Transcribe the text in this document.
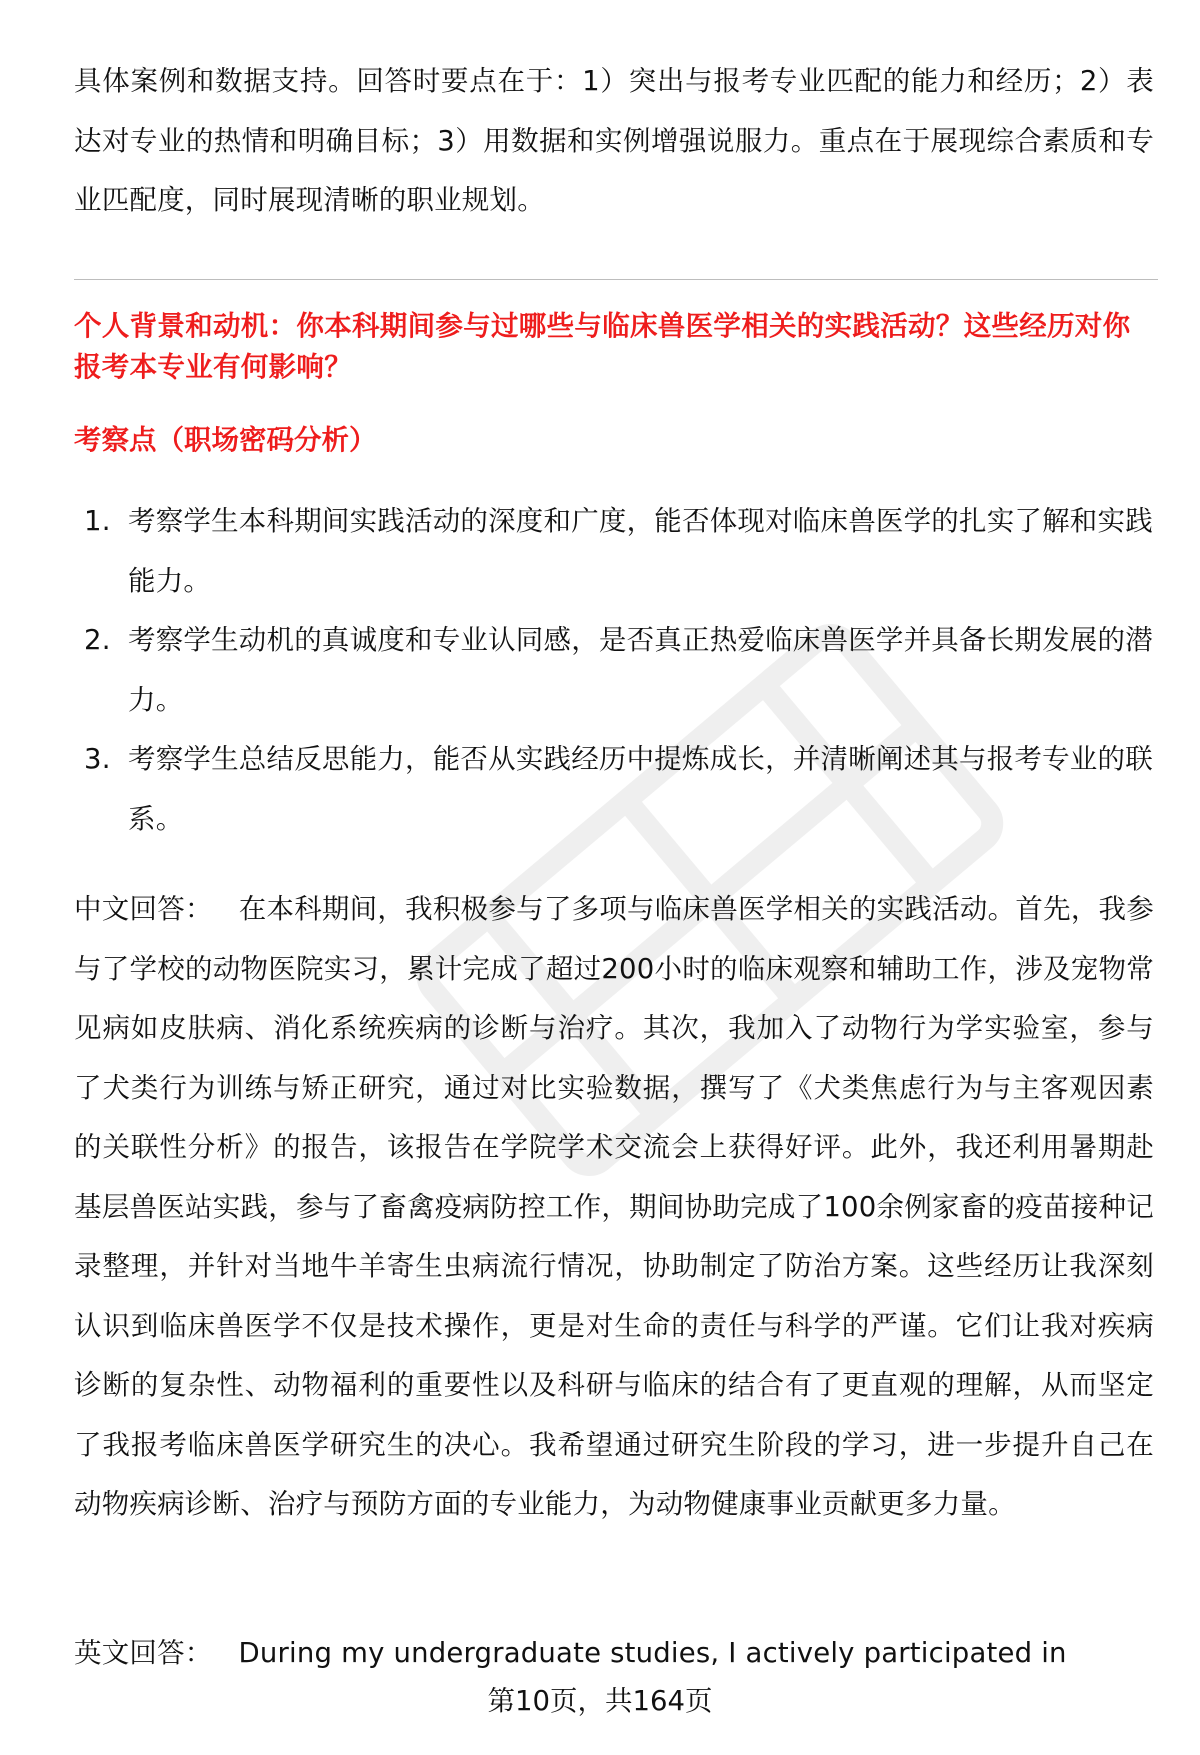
具体案例和数据支持。回答时要点在于：1）突出与报考专业匹配的能力和经历；2）表达对专业的热情和明确目标；3）用数据和实例增强说服力。重点在于展现综合素质和专业匹配度，同时展现清晰的职业规划。

个人背景和动机：你本科期间参与过哪些与临床兽医学相关的实践活动？这些经历对你报考本专业有何影响？

考察点（职场密码分析）

1. 考察学生本科期间实践活动的深度和广度，能否体现对临床兽医学的扎实了解和实践能力。
2. 考察学生动机的真诚度和专业认同感，是否真正热爱临床兽医学并具备长期发展的潜力。
3. 考察学生总结反思能力，能否从实践经历中提炼成长，并清晰阐述其与报考专业的联系。

中文回答： 在本科期间，我积极参与了多项与临床兽医学相关的实践活动。首先，我参与了学校的动物医院实习，累计完成了超过200小时的临床观察和辅助工作，涉及宠物常见病如皮肤病、消化系统疾病的诊断与治疗。其次，我加入了动物行为学实验室，参与了犬类行为训练与矫正研究，通过对比实验数据，撰写了《犬类焦虑行为与主客观因素的关联性分析》的报告，该报告在学院学术交流会上获得好评。此外，我还利用暑期赴基层兽医站实践，参与了畜禽疫病防控工作，期间协助完成了100余例家畜的疫苗接种记录整理，并针对当地牛羊寄生虫病流行情况，协助制定了防治方案。这些经历让我深刻认识到临床兽医学不仅是技术操作，更是对生命的责任与科学的严谨。它们让我对疾病诊断的复杂性、动物福利的重要性以及科研与临床的结合有了更直观的理解，从而坚定了我报考临床兽医学研究生的决心。我希望通过研究生阶段的学习，进一步提升自己在动物疾病诊断、治疗与预防方面的专业能力，为动物健康事业贡献更多力量。

英文回答： During my undergraduate studies, I actively participated in

第10页，共164页
